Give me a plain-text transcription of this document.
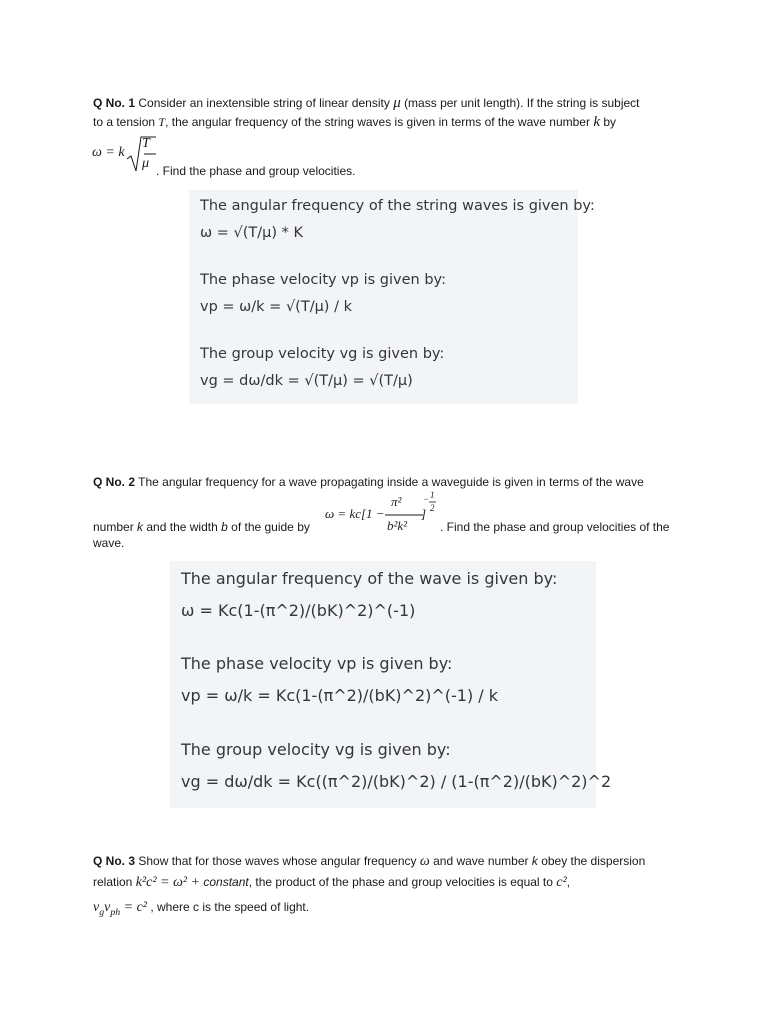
Q No. 1 Consider an inextensible string of linear density μ (mass per unit length). If the string is subject
to a tension T, the angular frequency of the string waves is given in terms of the wave number k by
ω = k
T
μ . Find the phase and group velocities.
The angular frequency of the string waves is given by:
ω = √(T/μ) * K
The phase velocity vp is given by:
vp = ω/k = √(T/μ) / k
The group velocity vg is given by:
vg = dω/dk = √(T/μ) = √(T/μ)
Q No. 2 The angular frequency for a wave propagating inside a waveguide is given in terms of the wave
ω = kc[1 −
π²
b²k²
]
− 1
2
number k and the width b of the guide by	. Find the phase and group velocities of the
wave.
The angular frequency of the wave is given by:
ω = Kc(1-(π^2)/(bK)^2)^(-1)
The phase velocity vp is given by:
vp = ω/k = Kc(1-(π^2)/(bK)^2)^(-1) / k
The group velocity vg is given by:
vg = dω/dk = Kc((π^2)/(bK)^2) / (1-(π^2)/(bK)^2)^2
Q No. 3 Show that for those waves whose angular frequency ω and wave number k obey the dispersion
relation k²c² = ω² + constant, the product of the phase and group velocities is equal to c²,
$v_gv_{ph} = c^2$ , where c is the speed of light.
